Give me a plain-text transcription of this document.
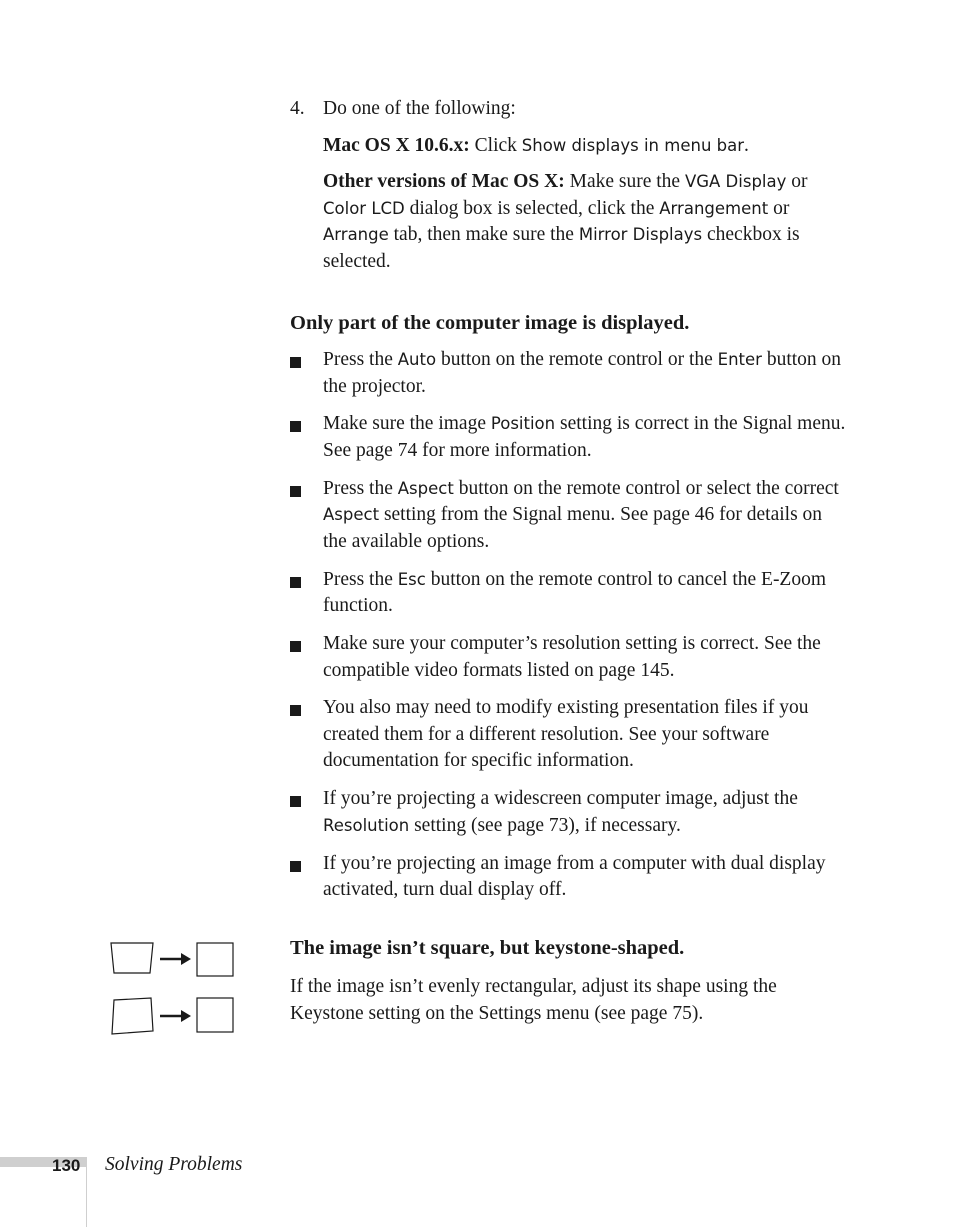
4. Do one of the following:
Mac OS X 10.6.x: Click Show displays in menu bar.
Other versions of Mac OS X: Make sure the VGA Display or Color LCD dialog box is selected, click the Arrangement or Arrange tab, then make sure the Mirror Displays checkbox is selected.
Only part of the computer image is displayed.
Press the Auto button on the remote control or the Enter button on the projector.
Make sure the image Position setting is correct in the Signal menu. See page 74 for more information.
Press the Aspect button on the remote control or select the correct Aspect setting from the Signal menu. See page 46 for details on the available options.
Press the Esc button on the remote control to cancel the E-Zoom function.
Make sure your computer’s resolution setting is correct. See the compatible video formats listed on page 145.
You also may need to modify existing presentation files if you created them for a different resolution. See your software documentation for specific information.
If you’re projecting a widescreen computer image, adjust the Resolution setting (see page 73), if necessary.
If you’re projecting an image from a computer with dual display activated, turn dual display off.
The image isn’t square, but keystone-shaped.
If the image isn’t evenly rectangular, adjust its shape using the Keystone setting on the Settings menu (see page 75).
130 Solving Problems
